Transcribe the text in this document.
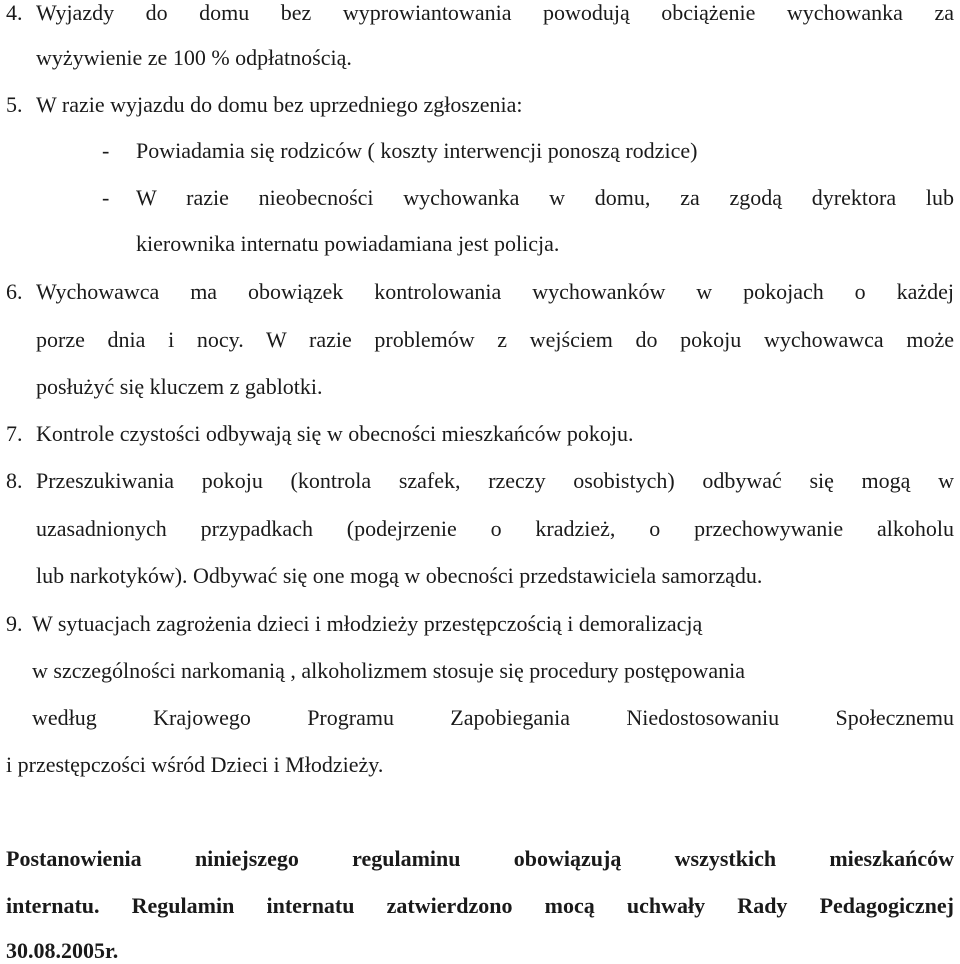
4. Wyjazdy do domu bez wyprowiantowania powodują obciążenie wychowanka za
wyżywienie ze 100 % odpłatnością.
5. W razie wyjazdu do domu bez uprzedniego zgłoszenia:
- Powiadamia się rodziców ( koszty interwencji ponoszą rodzice)
- W razie nieobecności wychowanka w domu, za zgodą dyrektora lub
kierownika internatu powiadamiana jest policja.
6. Wychowawca ma obowiązek kontrolowania wychowanków w pokojach o każdej
porze dnia i nocy. W razie problemów z wejściem do pokoju wychowawca może
posłużyć się kluczem z gablotki.
7. Kontrole czystości odbywają się w obecności mieszkańców pokoju.
8. Przeszukiwania pokoju (kontrola szafek, rzeczy osobistych) odbywać się mogą w
uzasadnionych przypadkach (podejrzenie o kradzież, o przechowywanie alkoholu
lub narkotyków). Odbywać się one mogą w obecności przedstawiciela samorządu.
9. W sytuacjach zagrożenia dzieci i młodzieży przestępczością i demoralizacją
w szczególności narkomanią , alkoholizmem stosuje się procedury postępowania
według Krajowego Programu Zapobiegania Niedostosowaniu Społecznemu
i przestępczości wśród Dzieci i Młodzieży.
Postanowienia niniejszego regulaminu obowiązują wszystkich mieszkańców
internatu. Regulamin internatu zatwierdzono mocą uchwały Rady Pedagogicznej
30.08.2005r.
